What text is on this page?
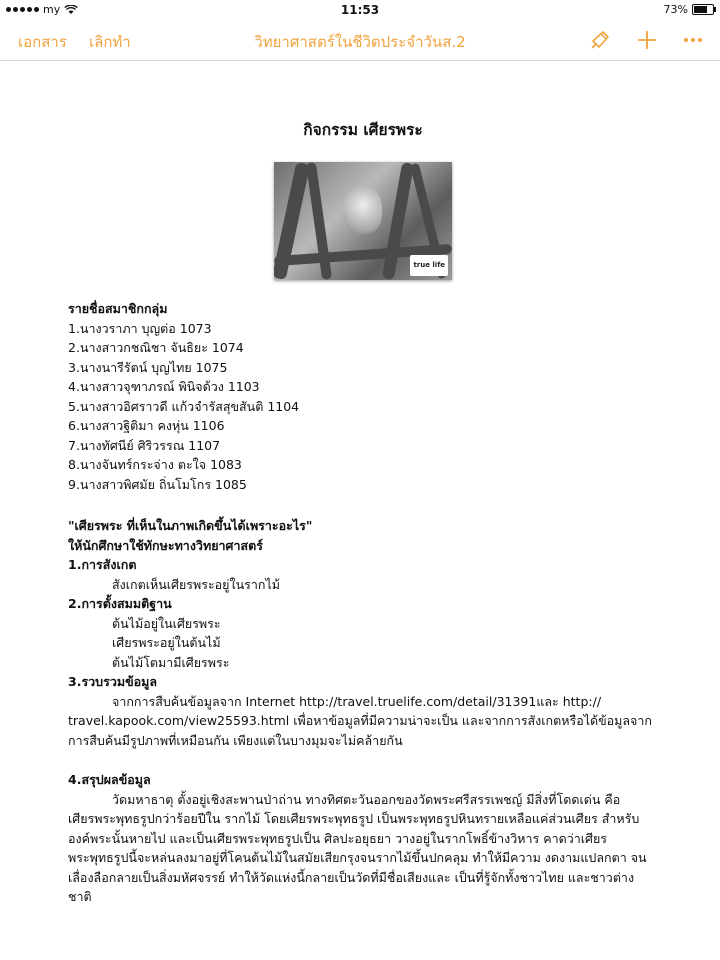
my	11:53	73%
เอกสาร เลิกทำ	วิทยาศาสตร์ในชีวิตประจำวันส.2
กิจกรรม เศียรพระ
true life
รายชื่อสมาชิกกลุ่ม
1.นางวราภา บุญต่อ 1073
2.นางสาวกชณิชา จันธิยะ 1074
3.นางนารีรัตน์ บุญไทย 1075
4.นางสาวจุฑาภรณ์ พินิจด้วง 1103
5.นางสาวอิศราวดี แก้วจำรัสสุขสันติ 1104
6.นางสาวฐิติมา คงหุ่น 1106
7.นางทัศนีย์ ศิริวรรณ 1107
8.นางจันทร์กระจ่าง ตะใจ 1083
9.นางสาวพิศมัย ถิ่นโมโกร 1085
"เศียรพระ ที่เห็นในภาพเกิดขึ้นได้เพราะอะไร"
ให้นักศึกษาใช้ทักษะทางวิทยาศาสตร์
1.การสังเกต
สังเกตเห็นเศียรพระอยู่ในรากไม้
2.การตั้งสมมติฐาน
ต้นไม้อยู่ในเศียรพระ
เศียรพระอยู่ในต้นไม้
ต้นไม้โตมามีเศียรพระ
3.รวบรวมข้อมูล
จากการสืบค้นข้อมูลจาก Internet http://travel.truelife.com/detail/31391และ http://
travel.kapook.com/view25593.html เพื่อหาข้อมูลที่มีความน่าจะเป็น และจากการสังเกตหรือได้ข้อมูลจาก
การสืบค้นมีรูปภาพที่เหมือนกัน เพียงแต่ในบางมุมจะไม่คล้ายกัน
4.สรุปผลข้อมูล
วัดมหาธาตุ ตั้งอยู่เชิงสะพานป่าถ่าน ทางทิศตะวันออกของวัดพระศรีสรรเพชญ์ มีสิ่งที่โดดเด่น คือ
เศียรพระพุทธรูปกว่าร้อยปีใน รากไม้ โดยเศียรพระพุทธรูป เป็นพระพุทธรูปหินทรายเหลือแค่ส่วนเศียร สำหรับ
องค์พระนั้นหายไป และเป็นเศียรพระพุทธรูปเป็น ศิลปะอยุธยา วางอยู่ในรากโพธิ์ข้างวิหาร คาดว่าเศียร
พระพุทธรูปนี้จะหล่นลงมาอยู่ที่โคนต้นไม้ในสมัยเสียกรุงจนรากไม้ขึ้นปกคลุม ทำให้มีความ งดงามแปลกตา จน
เลื่องลือกลายเป็นสิ่งมหัศจรรย์ ทำให้วัดแห่งนี้กลายเป็นวัดที่มีชื่อเสียงและ เป็นที่รู้จักทั้งชาวไทย และชาวต่าง
ชาติ
